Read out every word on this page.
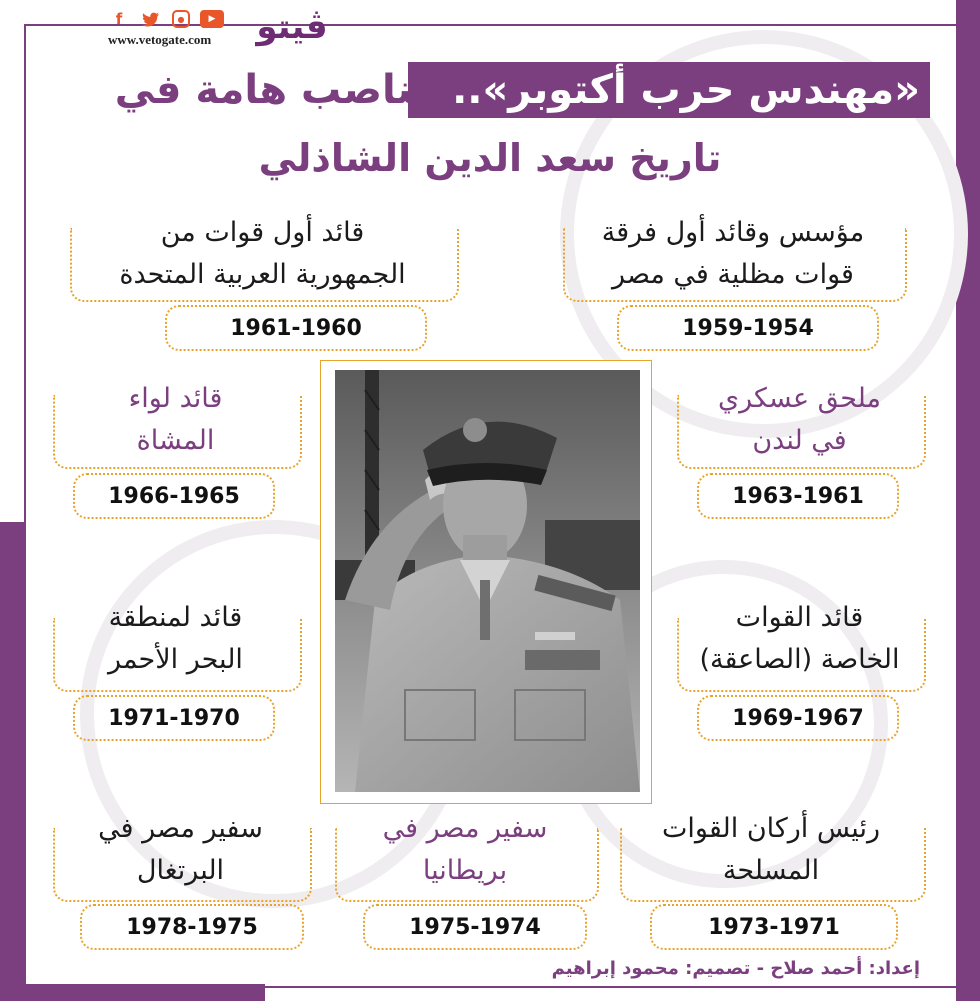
f	●	▶
www.vetogate.com	ڤيتو
«مهندس حرب أكتوبر».. مناصب هامة في
تاريخ سعد الدين الشاذلي
مؤسس وقائد أول فرقة
قوات مظلية في مصر
1959-1954
قائد أول قوات من
الجمهورية العربية المتحدة
1961-1960
ملحق عسكري
في لندن
1963-1961
قائد لواء
المشاة
1966-1965
قائد القوات
الخاصة (الصاعقة)
1969-1967
قائد لمنطقة
البحر الأحمر
1971-1970
رئيس أركان القوات
المسلحة
1973-1971
سفير مصر في
بريطانيا
1975-1974
سفير مصر في
البرتغال
1978-1975
إعداد: أحمد صلاح - تصميم: محمود إبراهيم
